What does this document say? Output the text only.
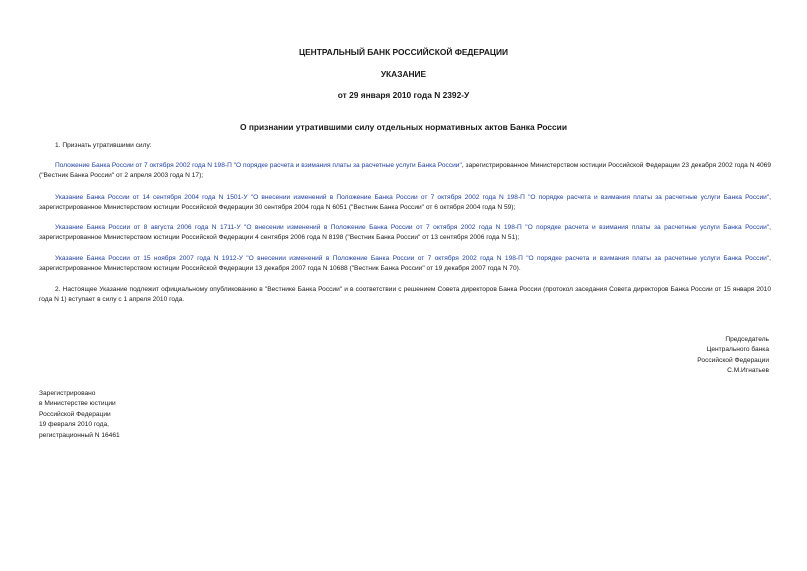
ЦЕНТРАЛЬНЫЙ БАНК РОССИЙСКОЙ ФЕДЕРАЦИИ
УКАЗАНИЕ
от 29 января 2010 года N 2392-У
О признании утратившими силу отдельных нормативных актов Банка России
1. Признать утратившими силу:
Положение Банка России от 7 октября 2002 года N 198-П "О порядке расчета и взимания платы за расчетные услуги Банка России", зарегистрированное Министерством юстиции Российской Федерации 23 декабря 2002 года N 4069 ("Вестник Банка России" от 2 апреля 2003 года N 17);
Указание Банка России от 14 сентября 2004 года N 1501-У "О внесении изменений в Положение Банка России от 7 октября 2002 года N 198-П "О порядке расчета и взимания платы за расчетные услуги Банка России", зарегистрированное Министерством юстиции Российской Федерации 30 сентября 2004 года N 6051 ("Вестник Банка России" от 6 октября 2004 года N 59);
Указание Банка России от 8 августа 2006 года N 1711-У "О внесении изменений в Положение Банка России от 7 октября 2002 года N 198-П "О порядке расчета и взимания платы за расчетные услуги Банка России", зарегистрированное Министерством юстиции Российской Федерации 4 сентября 2006 года N 8198 ("Вестник Банка России" от 13 сентября 2006 года N 51);
Указание Банка России от 15 ноября 2007 года N 1912-У "О внесении изменений в Положение Банка России от 7 октября 2002 года N 198-П "О порядке расчета и взимания платы за расчетные услуги Банка России", зарегистрированное Министерством юстиции Российской Федерации 13 декабря 2007 года N 10688 ("Вестник Банка России" от 19 декабря 2007 года N 70).
2. Настоящее Указание подлежит официальному опубликованию в "Вестнике Банка России" и в соответствии с решением Совета директоров Банка России (протокол заседания Совета директоров Банка России от 15 января 2010 года N 1) вступает в силу с 1 апреля 2010 года.
Председатель
Центрального банка
Российской Федерации
С.М.Игнатьев
Зарегистрировано
в Министерстве юстиции
Российской Федерации
19 февраля 2010 года,
регистрационный N 16461
